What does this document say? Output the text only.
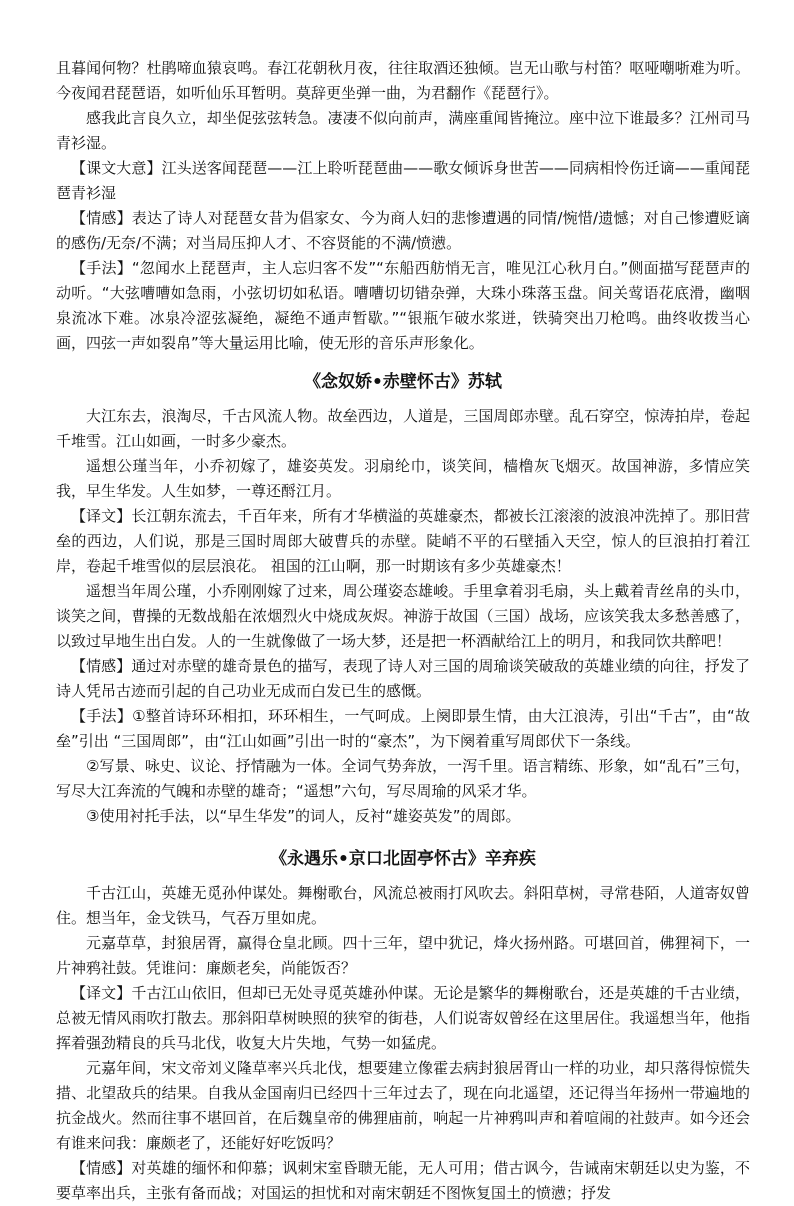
且暮闻何物？杜鹃啼血猿哀鸣。春江花朝秋月夜，往往取酒还独倾。岂无山歌与村笛？呕哑嘲哳难为听。今夜闻君琵琶语，如听仙乐耳暂明。莫辞更坐弹一曲，为君翻作《琵琶行》。

感我此言良久立，却坐促弦弦转急。凄凄不似向前声，满座重闻皆掩泣。座中泣下谁最多？江州司马青衫湿。

【课文大意】江头送客闻琵琶——江上聆听琵琶曲——歌女倾诉身世苦——同病相怜伤迁谪——重闻琵琶青衫湿

【情感】表达了诗人对琵琶女昔为倡家女、今为商人妇的悲惨遭遇的同情/惋惜/遗憾；对自己惨遭贬谪的感伤/无奈/不满；对当局压抑人才、不容贤能的不满/愤懑。

【手法】“忽闻水上琵琶声，主人忘归客不发”“东船西舫悄无言，唯见江心秋月白。”侧面描写琵琶声的动听。“大弦嘈嘈如急雨，小弦切切如私语。嘈嘈切切错杂弹，大珠小珠落玉盘。间关莺语花底滑，幽咽泉流冰下难。冰泉冷涩弦凝绝，凝绝不通声暂歇。”“银瓶乍破水浆迸，铁骑突出刀枪鸣。曲终收拨当心画，四弦一声如裂帛”等大量运用比喻，使无形的音乐声形象化。

《念奴娇•赤壁怀古》苏轼

大江东去，浪淘尽，千古风流人物。故垒西边，人道是，三国周郎赤壁。乱石穿空，惊涛拍岸，卷起千堆雪。江山如画，一时多少豪杰。

遥想公瑾当年，小乔初嫁了，雄姿英发。羽扇纶巾，谈笑间，樯橹灰飞烟灭。故国神游，多情应笑我，早生华发。人生如梦，一尊还酹江月。

【译文】长江朝东流去，千百年来，所有才华横溢的英雄豪杰，都被长江滚滚的波浪冲洗掉了。那旧营垒的西边，人们说，那是三国时周郎大破曹兵的赤壁。陡峭不平的石壁插入天空，惊人的巨浪拍打着江岸，卷起千堆雪似的层层浪花。 祖国的江山啊，那一时期该有多少英雄豪杰！

遥想当年周公瑾，小乔刚刚嫁了过来，周公瑾姿态雄峻。手里拿着羽毛扇，头上戴着青丝帛的头巾，谈笑之间，曹操的无数战船在浓烟烈火中烧成灰烬。神游于故国（三国）战场，应该笑我太多愁善感了，以致过早地生出白发。人的一生就像做了一场大梦，还是把一杯酒献给江上的明月，和我同饮共醉吧！

【情感】通过对赤壁的雄奇景色的描写，表现了诗人对三国的周瑜谈笑破敌的英雄业绩的向往，抒发了诗人凭吊古迹而引起的自己功业无成而白发已生的感慨。

【手法】①整首诗环环相扣，环环相生，一气呵成。上阕即景生情，由大江浪涛，引出“千古”，由“故垒”引出 “三国周郎”，由“江山如画”引出一时的“豪杰”，为下阕着重写周郎伏下一条线。

②写景、咏史、议论、抒情融为一体。全词气势奔放，一泻千里。语言精练、形象，如“乱石”三句，写尽大江奔流的气魄和赤壁的雄奇；“遥想”六句，写尽周瑜的风采才华。

③使用衬托手法，以“早生华发”的词人，反衬“雄姿英发”的周郎。

《永遇乐•京口北固亭怀古》辛弃疾

千古江山，英雄无觅孙仲谋处。舞榭歌台，风流总被雨打风吹去。斜阳草树，寻常巷陌，人道寄奴曾住。想当年，金戈铁马，气吞万里如虎。

元嘉草草，封狼居胥，赢得仓皇北顾。四十三年，望中犹记，烽火扬州路。可堪回首，佛狸祠下，一片神鸦社鼓。凭谁问：廉颇老矣，尚能饭否？

【译文】千古江山依旧，但却已无处寻觅英雄孙仲谋。无论是繁华的舞榭歌台，还是英雄的千古业绩，总被无情风雨吹打散去。那斜阳草树映照的狭窄的街巷，人们说寄奴曾经在这里居住。我遥想当年，他指挥着强劲精良的兵马北伐，收复大片失地，气势一如猛虎。

元嘉年间，宋文帝刘义隆草率兴兵北伐，想要建立像霍去病封狼居胥山一样的功业，却只落得惊慌失措、北望敌兵的结果。自我从金国南归已经四十三年过去了，现在向北遥望，还记得当年扬州一带遍地的抗金战火。然而往事不堪回首，在后魏皇帝的佛狸庙前，响起一片神鸦叫声和着喧闹的社鼓声。如今还会有谁来问我：廉颇老了，还能好好吃饭吗？

【情感】对英雄的缅怀和仰慕；讽刺宋室昏聩无能，无人可用；借古讽今，告诫南宋朝廷以史为鉴，不要草率出兵，主张有备而战；对国运的担忧和对南宋朝廷不图恢复国土的愤懑；抒发
